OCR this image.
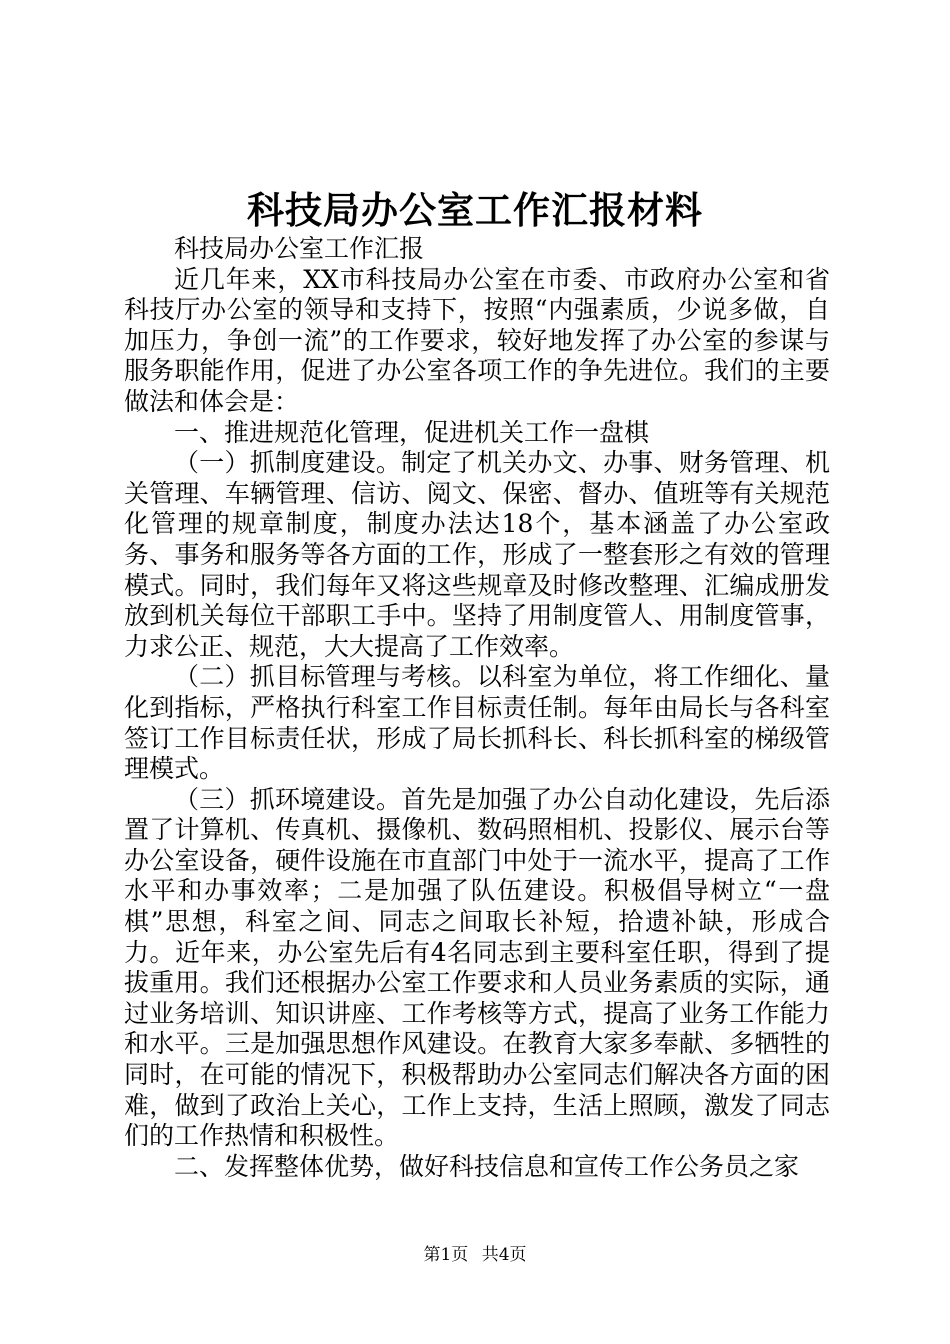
科技局办公室工作汇报材料

科技局办公室工作汇报

近几年来，XX市科技局办公室在市委、市政府办公室和省科技厅办公室的领导和支持下，按照“内强素质，少说多做，自加压力，争创一流”的工作要求，较好地发挥了办公室的参谋与服务职能作用，促进了办公室各项工作的争先进位。我们的主要做法和体会是：

一、推进规范化管理，促进机关工作一盘棋

（一）抓制度建设。制定了机关办文、办事、财务管理、机关管理、车辆管理、信访、阅文、保密、督办、值班等有关规范化管理的规章制度，制度办法达18个，基本涵盖了办公室政务、事务和服务等各方面的工作，形成了一整套形之有效的管理模式。同时，我们每年又将这些规章及时修改整理、汇编成册发放到机关每位干部职工手中。坚持了用制度管人、用制度管事，力求公正、规范，大大提高了工作效率。

（二）抓目标管理与考核。以科室为单位，将工作细化、量化到指标，严格执行科室工作目标责任制。每年由局长与各科室签订工作目标责任状，形成了局长抓科长、科长抓科室的梯级管理模式。

（三）抓环境建设。首先是加强了办公自动化建设，先后添置了计算机、传真机、摄像机、数码照相机、投影仪、展示台等办公室设备，硬件设施在市直部门中处于一流水平，提高了工作水平和办事效率；二是加强了队伍建设。积极倡导树立“一盘棋”思想，科室之间、同志之间取长补短，拾遗补缺，形成合力。近年来，办公室先后有4名同志到主要科室任职，得到了提拔重用。我们还根据办公室工作要求和人员业务素质的实际，通过业务培训、知识讲座、工作考核等方式，提高了业务工作能力和水平。三是加强思想作风建设。在教育大家多奉献、多牺牲的同时，在可能的情况下，积极帮助办公室同志们解决各方面的困难，做到了政治上关心，工作上支持，生活上照顾，激发了同志们的工作热情和积极性。

二、发挥整体优势，做好科技信息和宣传工作公务员之家

第1页 共4页
